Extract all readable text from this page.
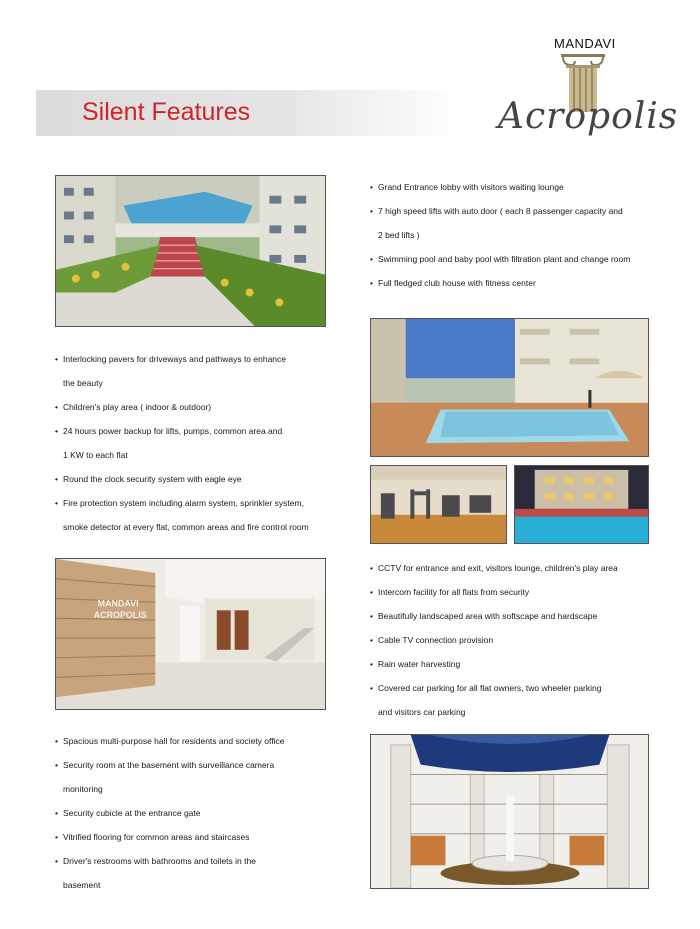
Silent Features
MANDAVI
Acropolis
• Grand Entrance lobby with visitors waiting lounge
• 7 high speed lifts with auto door ( each 8 passenger capacity and
2 bed lifts )
• Swimming pool and baby pool with filtration plant and change room
• Full fledged club house with fitness center
• Interlocking pavers for driveways and pathways to enhance
the beauty
• Children's play area ( indoor & outdoor)
• 24 hours power backup for lifts, pumps, common area and
1 KW to each flat
• Round the clock security system with eagle eye
• Fire protection system including alarm system, sprinkler system,
smoke detector at every flat, common areas and fire control room
MANDAVI
ACROPOLIS
• CCTV for entrance and exit, visitors lounge, children's play area
• Intercom facility for all flats from security
• Beautifully landscaped area with softscape and hardscape
• Cable TV connection provision
• Rain water harvesting
• Covered car parking for all flat owners, two wheeler parking
and visitors car parking
• Spacious multi-purpose hall for residents and society office
• Security room at the basement with surveillance camera
monitoring
• Security cubicle at the entrance gate
• Vitrified flooring for common areas and staircases
• Driver's restrooms with bathrooms and toilets in the
basement
